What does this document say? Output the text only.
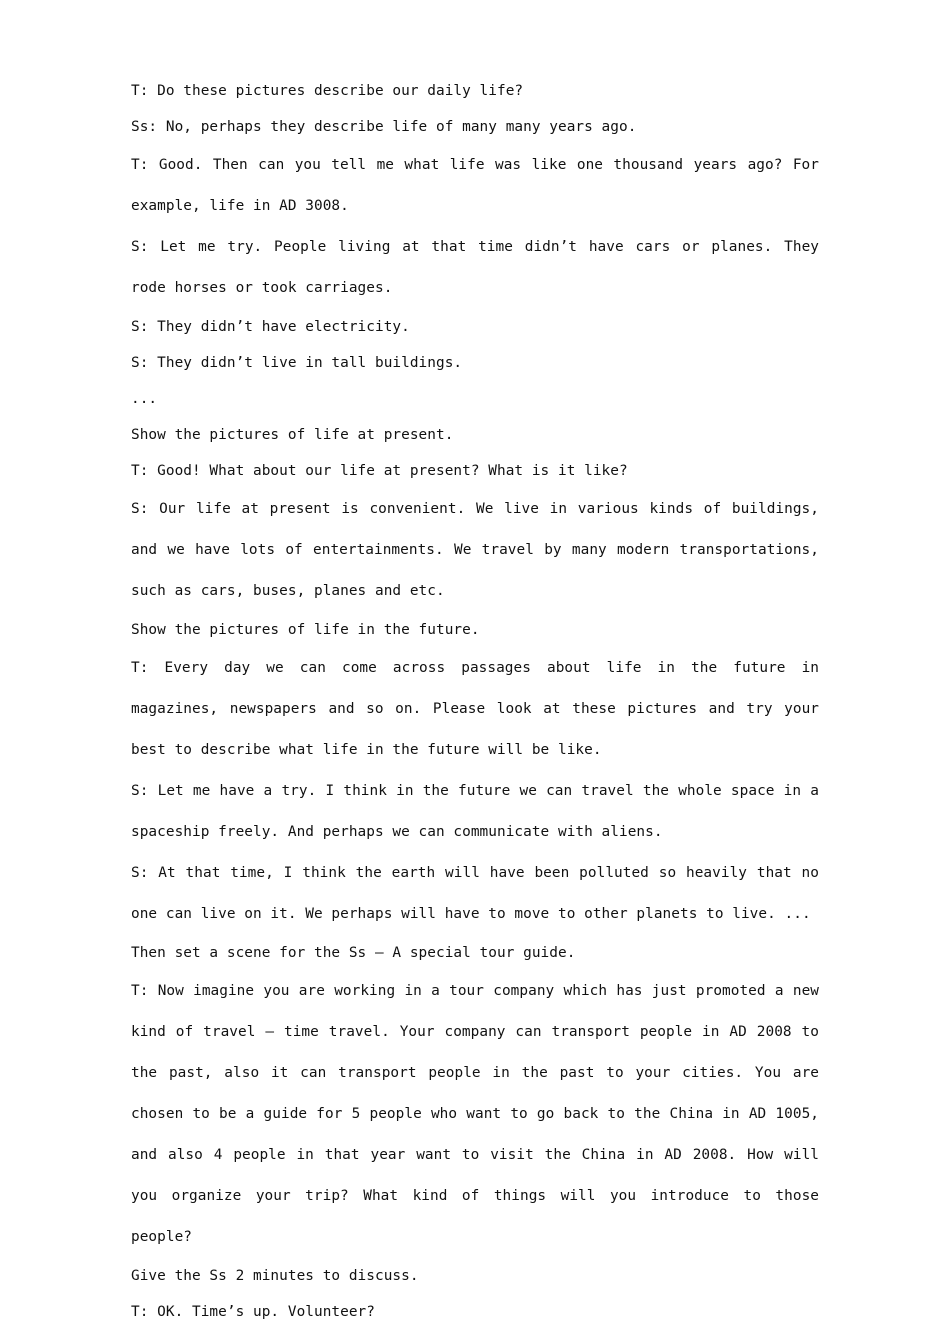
T: Do these pictures describe our daily life?

Ss: No, perhaps they describe life of many many years ago.

T: Good. Then can you tell me what life was like one thousand years ago? For example, life in AD 3008.

S: Let me try. People living at that time didn’t have cars or planes. They rode horses or took carriages.

S: They didn’t have electricity.

S: They didn’t live in tall buildings.

...

Show the pictures of life at present.

T: Good! What about our life at present? What is it like?

S: Our life at present is convenient. We live in various kinds of buildings, and we have lots of entertainments. We travel by many modern transportations, such as cars, buses, planes and etc.

Show the pictures of life in the future.

T: Every day we can come across passages about life in the future in magazines, newspapers and so on. Please look at these pictures and try your best to describe what life in the future will be like.

S: Let me have a try. I think in the future we can travel the whole space in a spaceship freely. And perhaps we can communicate with aliens.

S: At that time, I think the earth will have been polluted so heavily that no one can live on it. We perhaps will have to move to other planets to live. ...

Then set a scene for the Ss — A special tour guide.

T: Now imagine you are working in a tour company which has just promoted a new kind of travel — time travel. Your company can transport people in AD 2008 to the past, also it can transport people in the past to your cities. You are chosen to be a guide for 5 people who want to go back to the China in AD 1005, and also 4 people in that year want to visit the China in AD 2008. How will you organize your trip? What kind of things will you introduce to those people?

Give the Ss 2 minutes to discuss.

T: OK. Time’s up. Volunteer?
